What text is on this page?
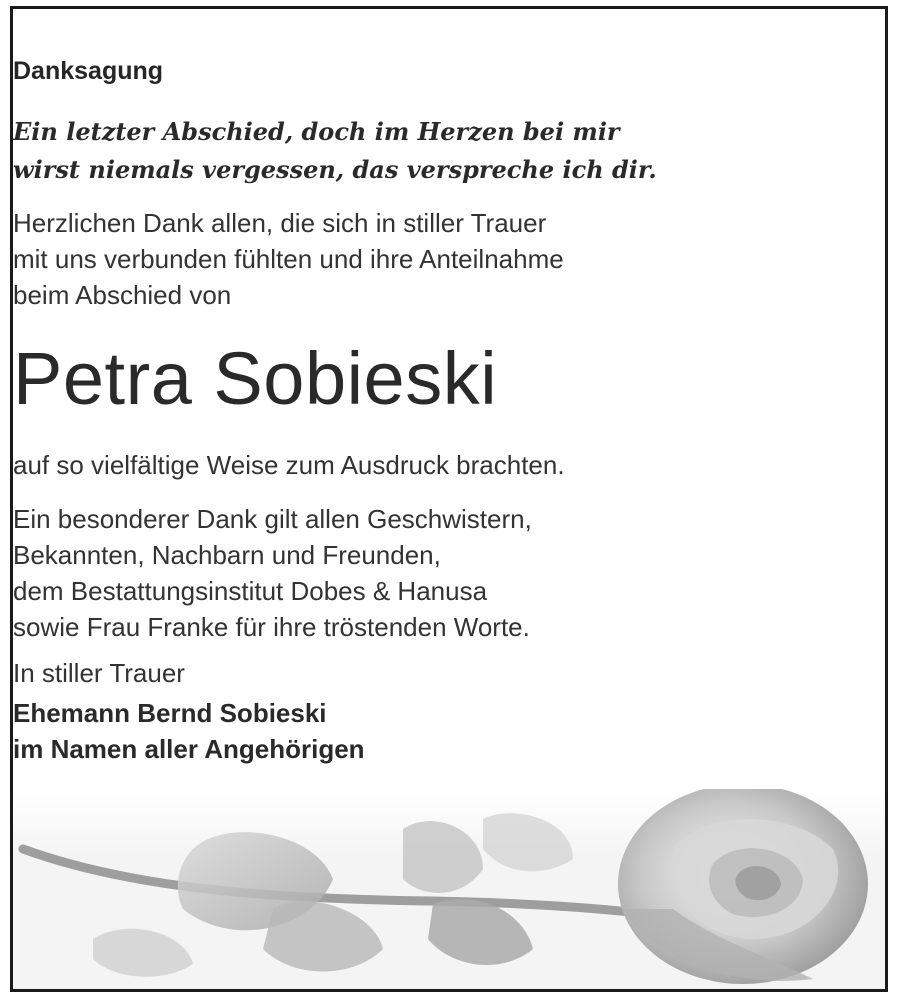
Danksagung
Ein letzter Abschied, doch im Herzen bei mir
wirst niemals vergessen, das verspreche ich dir.
Herzlichen Dank allen, die sich in stiller Trauer
mit uns verbunden fühlten und ihre Anteilnahme
beim Abschied von
Petra Sobieski
auf so vielfältige Weise zum Ausdruck brachten.
Ein besonderer Dank gilt allen Geschwistern,
Bekannten, Nachbarn und Freunden,
dem Bestattungsinstitut Dobes & Hanusa
sowie Frau Franke für ihre tröstenden Worte.
In stiller Trauer
Ehemann Bernd Sobieski
im Namen aller Angehörigen
